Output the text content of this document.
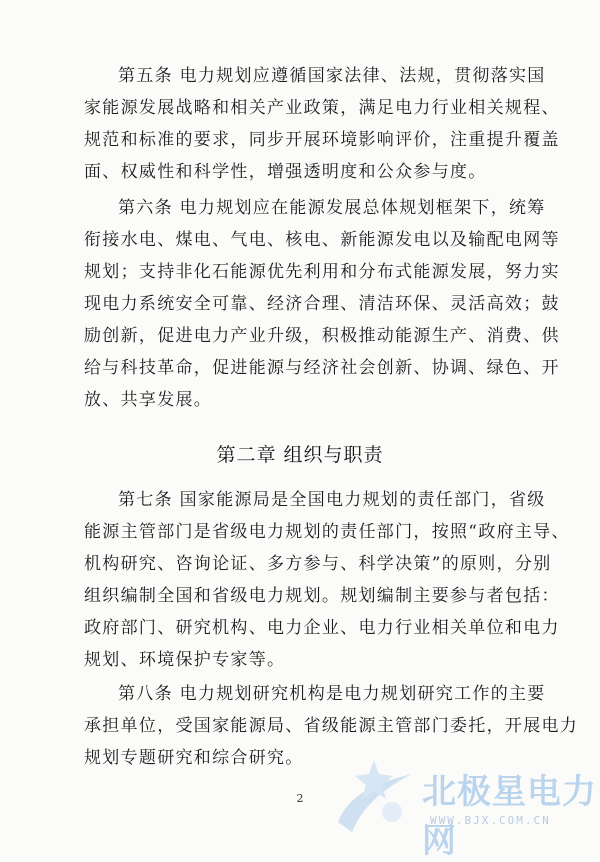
第五条 电力规划应遵循国家法律、法规，贯彻落实国
家能源发展战略和相关产业政策，满足电力行业相关规程、
规范和标准的要求，同步开展环境影响评价，注重提升覆盖
面、权威性和科学性，增强透明度和公众参与度。

第六条 电力规划应在能源发展总体规划框架下，统筹
衔接水电、煤电、气电、核电、新能源发电以及输配电网等
规划；支持非化石能源优先利用和分布式能源发展，努力实
现电力系统安全可靠、经济合理、清洁环保、灵活高效；鼓
励创新，促进电力产业升级，积极推动能源生产、消费、供
给与科技革命，促进能源与经济社会创新、协调、绿色、开
放、共享发展。

第二章 组织与职责

第七条 国家能源局是全国电力规划的责任部门，省级
能源主管部门是省级电力规划的责任部门，按照“政府主导、
机构研究、咨询论证、多方参与、科学决策”的原则，分别
组织编制全国和省级电力规划。规划编制主要参与者包括：
政府部门、研究机构、电力企业、电力行业相关单位和电力
规划、环境保护专家等。

第八条 电力规划研究机构是电力规划研究工作的主要
承担单位，受国家能源局、省级能源主管部门委托，开展电力
规划专题研究和综合研究。

2	北极星电力网
WWW.BJX.COM.CN
